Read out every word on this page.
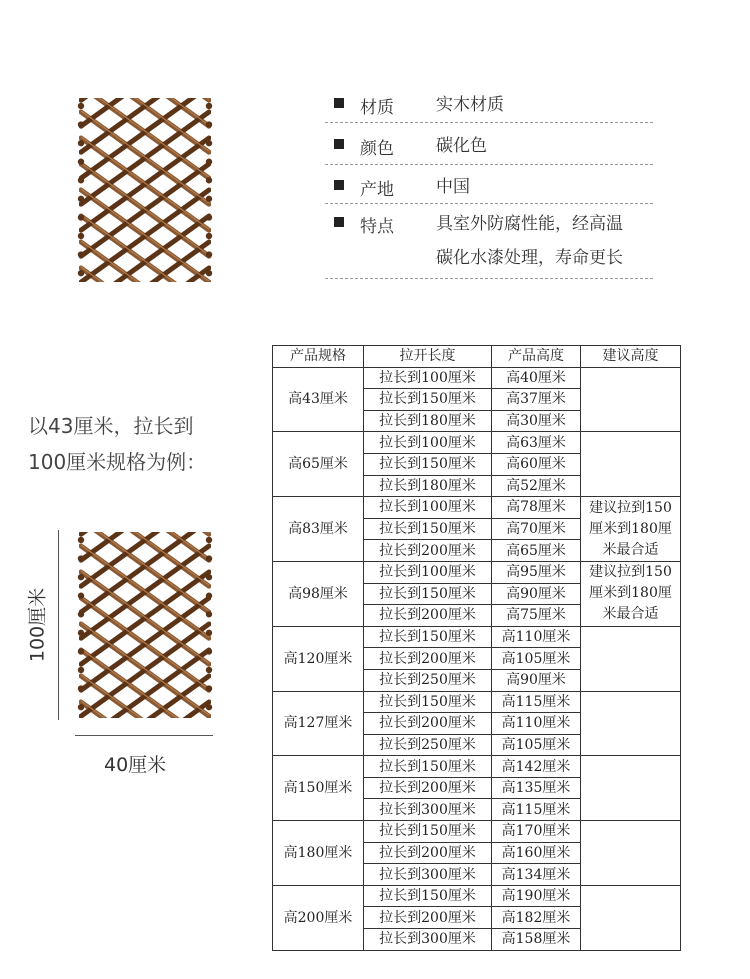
材质 实木材质
颜色 碳化色
产地 中国
特点 具室外防腐性能，经高温
碳化水漆处理，寿命更长
以43厘米，拉长到
100厘米规格为例：
100厘米
40厘米
产品规格	拉开长度	产品高度	建议高度
高43厘米	拉长到100厘米	高40厘米	
	拉长到150厘米	高37厘米	
	拉长到180厘米	高30厘米	
高65厘米	拉长到100厘米	高63厘米	
	拉长到150厘米	高60厘米	
	拉长到180厘米	高52厘米	
高83厘米	拉长到100厘米	高78厘米	建议拉到150
厘米到180厘
米最合适

	拉长到150厘米	高70厘米	
	拉长到200厘米	高65厘米	
高98厘米	拉长到100厘米	高95厘米	建议拉到150
厘米到180厘
米最合适

	拉长到150厘米	高90厘米	
	拉长到200厘米	高75厘米	
高120厘米	拉长到150厘米	高110厘米	
	拉长到200厘米	高105厘米	
	拉长到250厘米	高90厘米	
高127厘米	拉长到150厘米	高115厘米	
	拉长到200厘米	高110厘米	
	拉长到250厘米	高105厘米	
高150厘米	拉长到150厘米	高142厘米	
	拉长到200厘米	高135厘米	
	拉长到300厘米	高115厘米	
高180厘米	拉长到150厘米	高170厘米	
	拉长到200厘米	高160厘米	
	拉长到300厘米	高134厘米	
高200厘米	拉长到150厘米	高190厘米	
	拉长到200厘米	高182厘米	
	拉长到300厘米	高158厘米	
